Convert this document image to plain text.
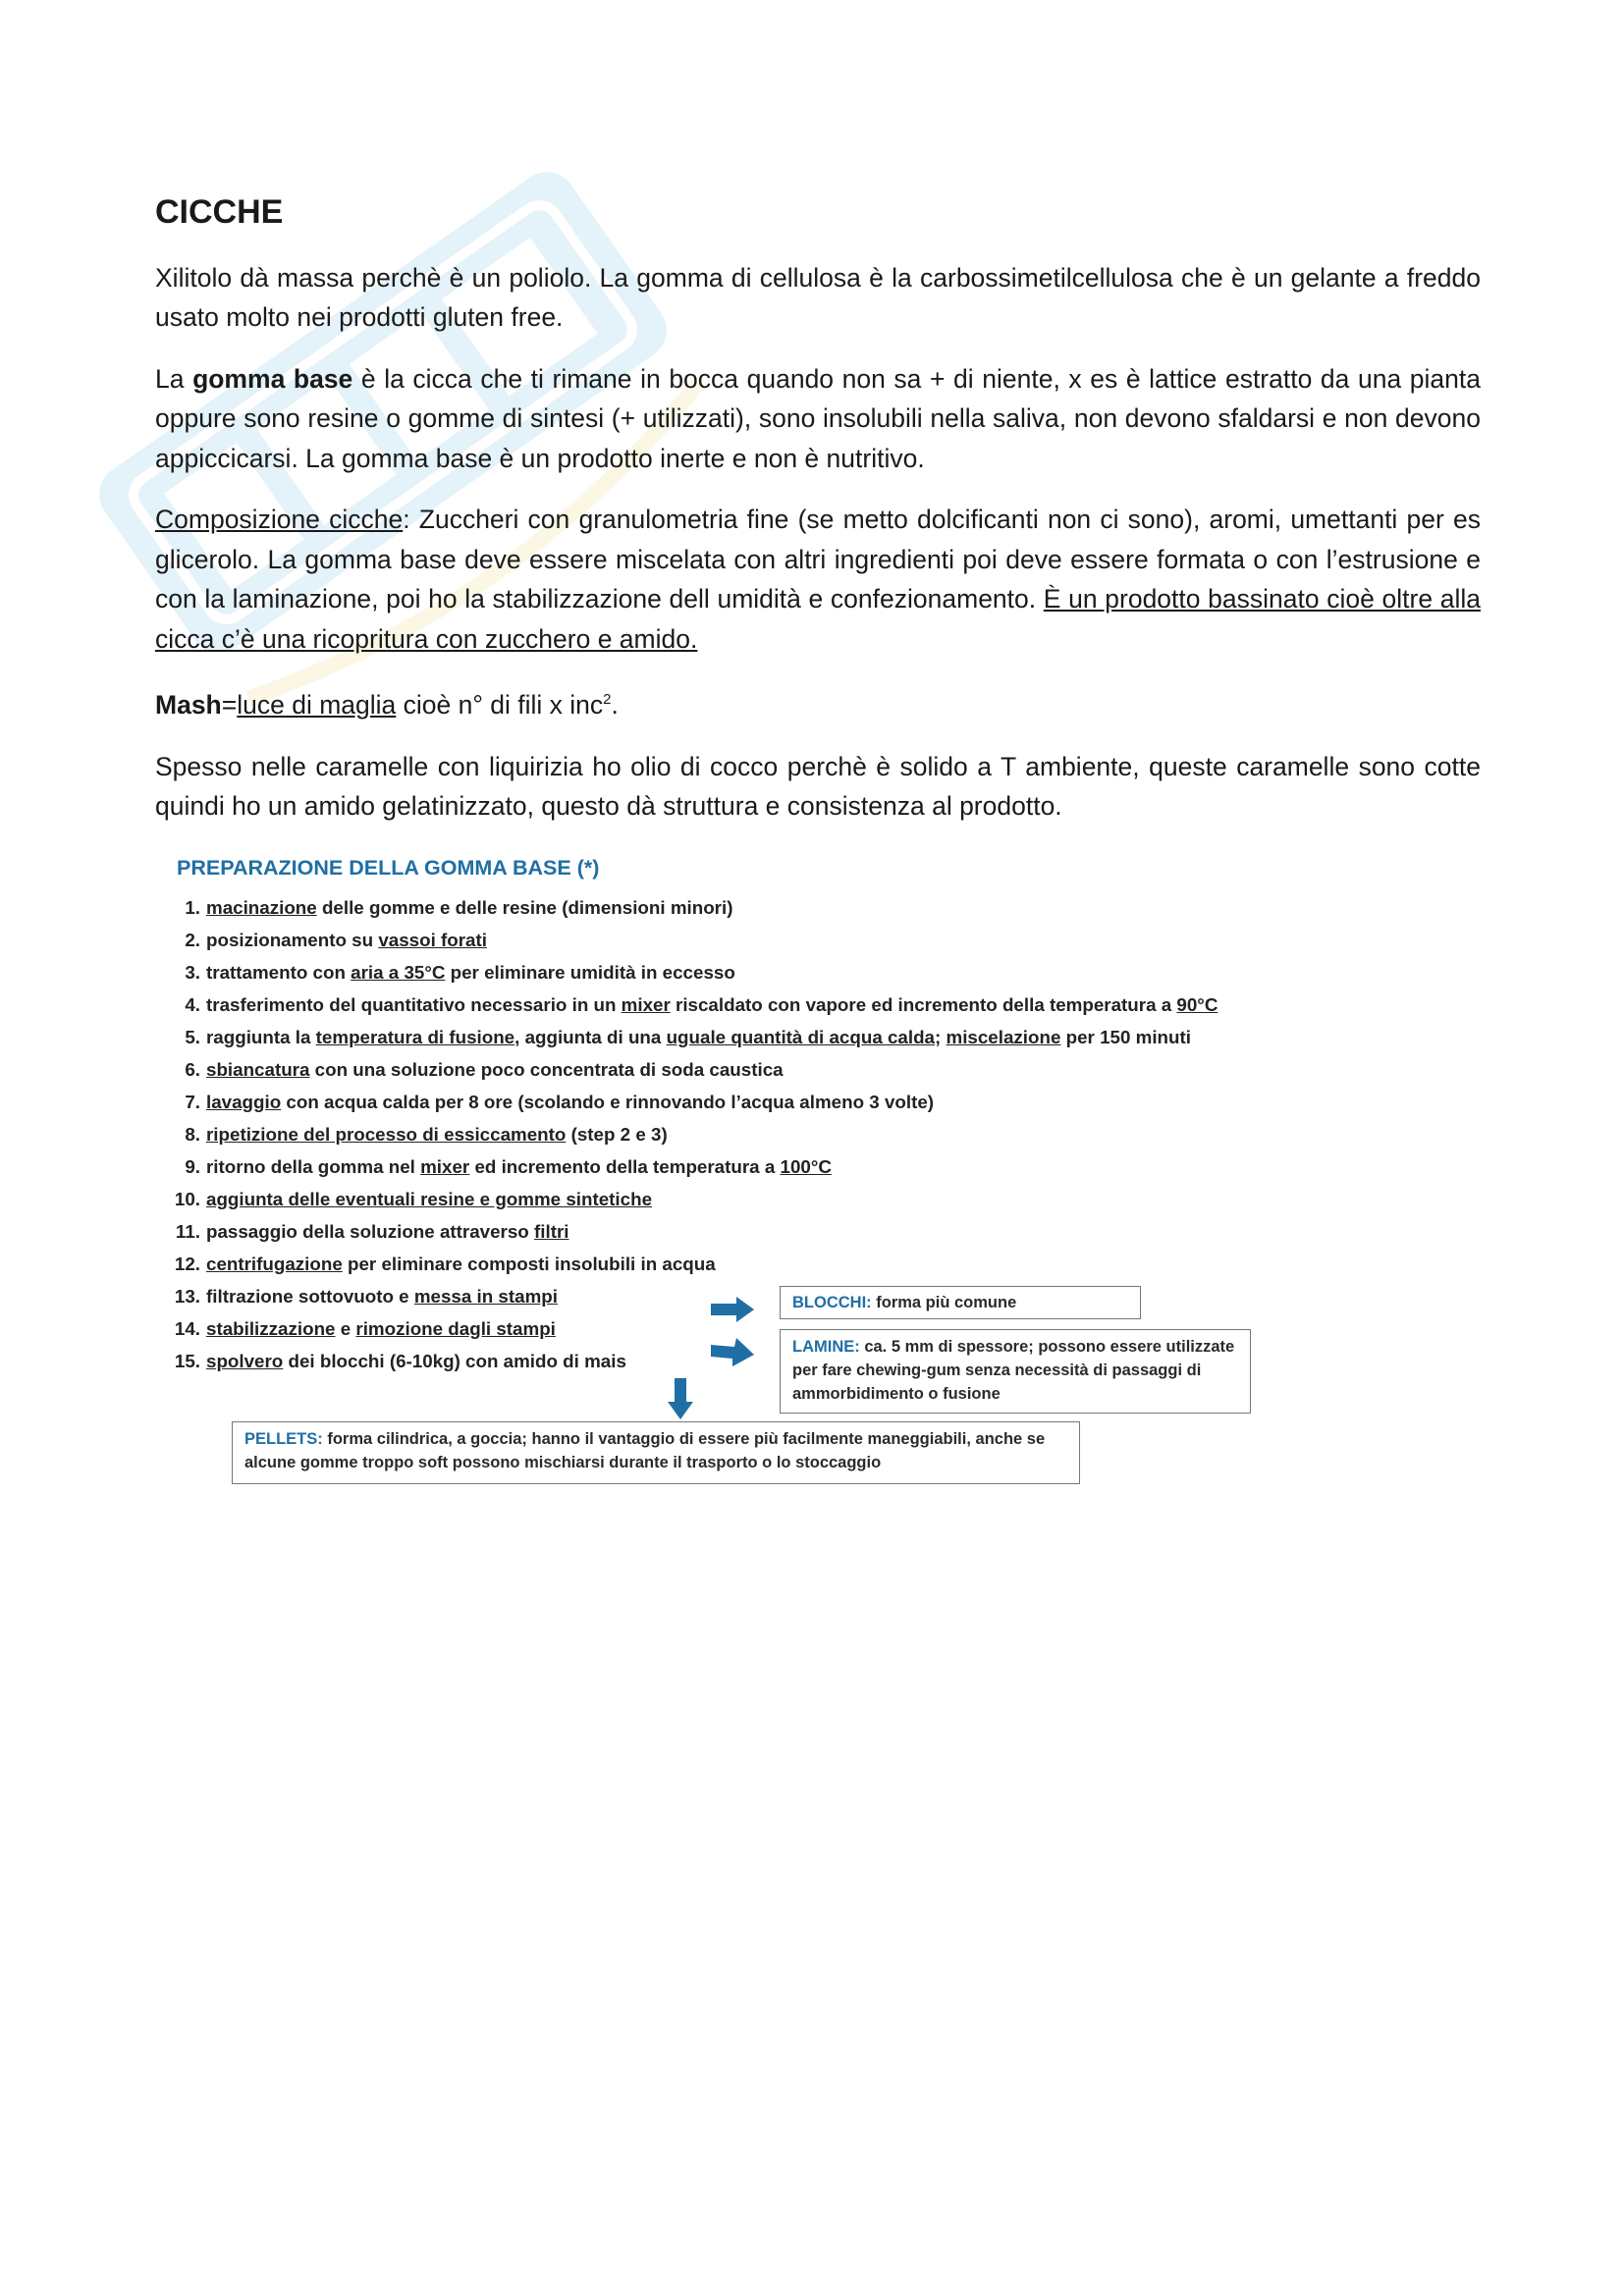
CICCHE

Xilitolo dà massa perchè è un poliolo. La gomma di cellulosa è la carbossimetilcellulosa che è un gelante a freddo usato molto nei prodotti gluten free.

La gomma base è la cicca che ti rimane in bocca quando non sa + di niente, x es è lattice estratto da una pianta oppure sono resine o gomme di sintesi (+ utilizzati), sono insolubili nella saliva, non devono sfaldarsi e non devono appiccicarsi. La gomma base è un prodotto inerte e non è nutritivo.

Composizione cicche: Zuccheri con granulometria fine (se metto dolcificanti non ci sono), aromi, umettanti per es glicerolo. La gomma base deve essere miscelata con altri ingredienti poi deve essere formata o con l’estrusione e con la laminazione, poi ho la stabilizzazione dell umidità e confezionamento. È un prodotto bassinato cioè oltre alla cicca c’è una ricopritura con zucchero e amido.

Mash=luce di maglia cioè n° di fili x inc$^2$.

Spesso nelle caramelle con liquirizia ho olio di cocco perchè è solido a T ambiente, queste caramelle sono cotte quindi ho un amido gelatinizzato, questo dà struttura e consistenza al prodotto.

PREPARAZIONE DELLA GOMMA BASE (*)
1. macinazione delle gomme e delle resine (dimensioni minori)
2. posizionamento su vassoi forati
3. trattamento con aria a 35°C per eliminare umidità in eccesso
4. trasferimento del quantitativo necessario in un mixer riscaldato con vapore ed incremento della temperatura a 90°C
5. raggiunta la temperatura di fusione, aggiunta di una uguale quantità di acqua calda; miscelazione per 150 minuti
6. sbiancatura con una soluzione poco concentrata di soda caustica
7. lavaggio con acqua calda per 8 ore (scolando e rinnovando l’acqua almeno 3 volte)
8. ripetizione del processo di essiccamento (step 2 e 3)
9. ritorno della gomma nel mixer ed incremento della temperatura a 100°C
10. aggiunta delle eventuali resine e gomme sintetiche
11. passaggio della soluzione attraverso filtri
12. centrifugazione per eliminare composti insolubili in acqua
13. filtrazione sottovuoto e messa in stampi
14. stabilizzazione e rimozione dagli stampi
15. spolvero dei blocchi (6-10kg) con amido di mais
BLOCCHI: forma più comune
LAMINE: ca. 5 mm di spessore; possono essere utilizzate per fare chewing-gum senza necessità di passaggi di ammorbidimento o fusione
PELLETS: forma cilindrica, a goccia; hanno il vantaggio di essere più facilmente maneggiabili, anche se alcune gomme troppo soft possono mischiarsi durante il trasporto o lo stoccaggio
